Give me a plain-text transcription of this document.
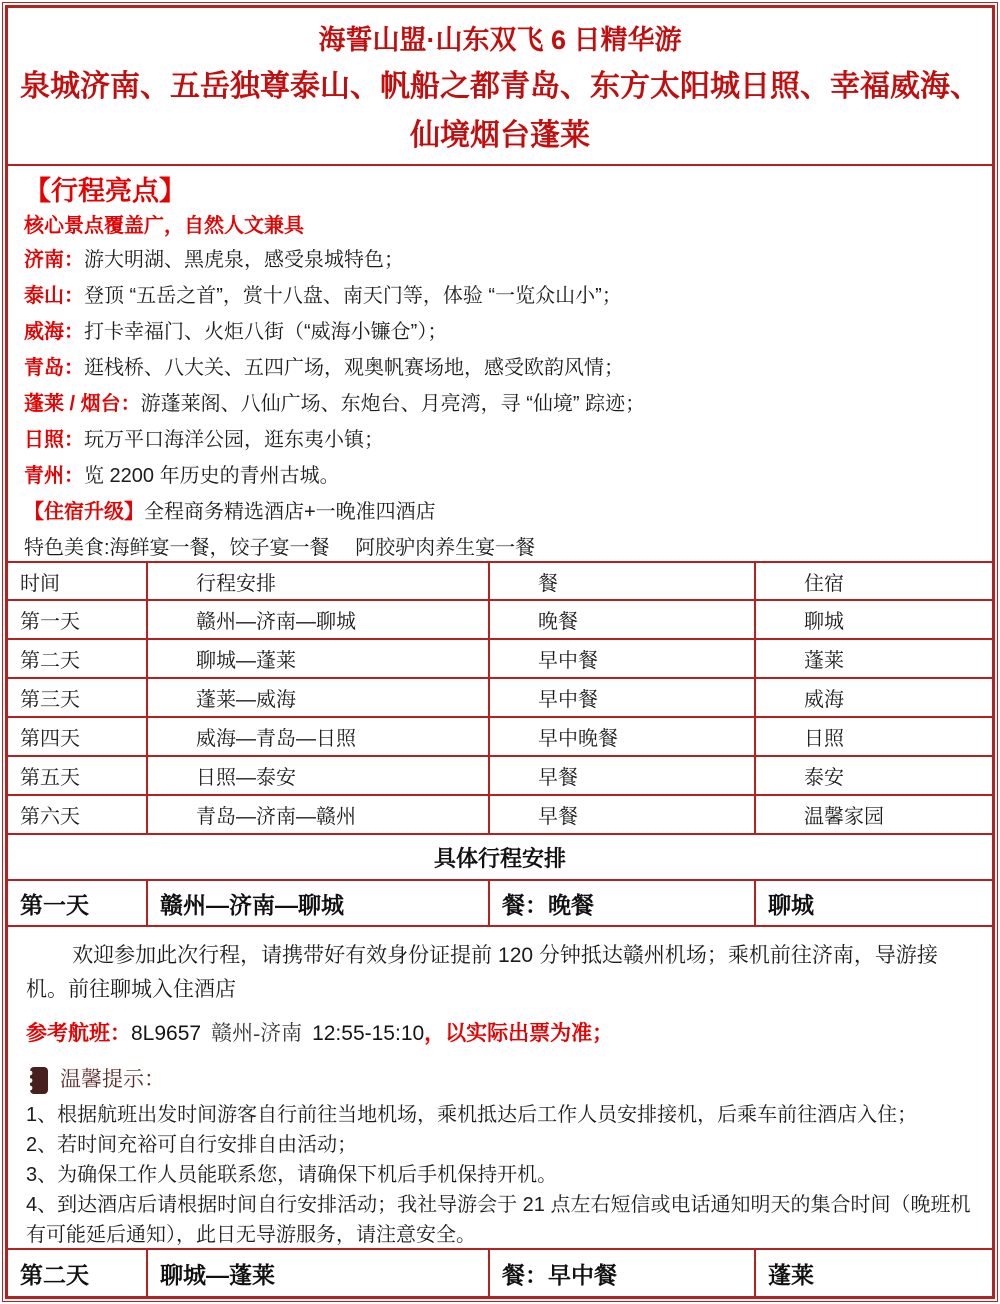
海誓山盟·山东双飞 6 日精华游
泉城济南、五岳独尊泰山、帆船之都青岛、东方太阳城日照、幸福威海、仙境烟台蓬莱
【行程亮点】
核心景点覆盖广，自然人文兼具
济南：游大明湖、黑虎泉，感受泉城特色；
泰山：登顶 “五岳之首”，赏十八盘、南天门等，体验 “一览众山小”；
威海：打卡幸福门、火炬八街（“威海小镰仓”）；
青岛：逛栈桥、八大关、五四广场，观奥帆赛场地，感受欧韵风情；
蓬莱 / 烟台：游蓬莱阁、八仙广场、东炮台、月亮湾，寻 “仙境” 踪迹；
日照：玩万平口海洋公园，逛东夷小镇；
青州：览 2200 年历史的青州古城。
【住宿升级】全程商务精选酒店+一晚准四酒店
特色美食:海鲜宴一餐，饺子宴一餐　 阿胶驴肉养生宴一餐
时间	行程安排	餐	住宿
第一天	赣州—济南—聊城	晚餐	聊城
第二天	聊城—蓬莱	早中餐	蓬莱
第三天	蓬莱—威海	早中餐	威海
第四天	威海—青岛—日照	早中晚餐	日照
第五天	日照—泰安	早餐	泰安
第六天	青岛—济南—赣州	早餐	温馨家园
具体行程安排
第一天	赣州—济南—聊城	餐：晚餐	聊城
欢迎参加此次行程，请携带好有效身份证提前 120 分钟抵达赣州机场；乘机前往济南，导游接机。前往聊城入住酒店
参考航班：8L9657 赣州-济南 12:55-15:10，以实际出票为准；
温馨提示：
1、根据航班出发时间游客自行前往当地机场，乘机抵达后工作人员安排接机，后乘车前往酒店入住；
2、若时间充裕可自行安排自由活动；
3、为确保工作人员能联系您，请确保下机后手机保持开机。
4、到达酒店后请根据时间自行安排活动；我社导游会于 21 点左右短信或电话通知明天的集合时间（晚班机有可能延后通知），此日无导游服务，请注意安全。
第二天	聊城—蓬莱	餐：早中餐	蓬莱
